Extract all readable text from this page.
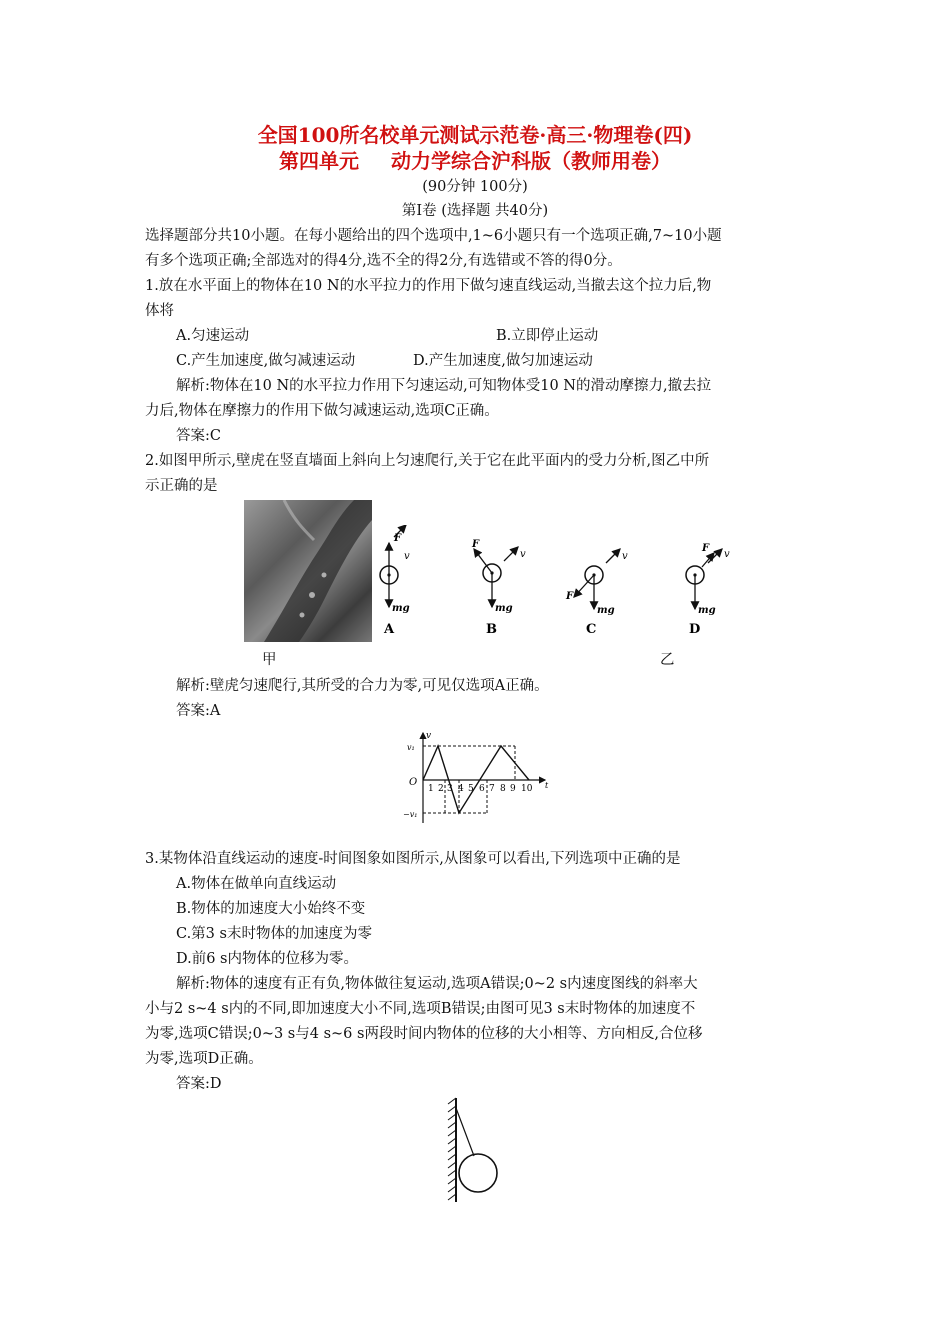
全国100所名校单元测试示范卷·高三·物理卷(四)
第四单元 动力学综合沪科版（教师用卷）
(90分钟 100分)
第Ⅰ卷 (选择题 共40分)
选择题部分共10小题。在每小题给出的四个选项中,1~6小题只有一个选项正确,7~10小题
有多个选项正确;全部选对的得4分,选不全的得2分,有选错或不答的得0分。
1.放在水平面上的物体在10 N的水平拉力的作用下做匀速直线运动,当撤去这个拉力后,物
体将
A.匀速运动	B.立即停止运动
C.产生加速度,做匀减速运动	D.产生加速度,做匀加速运动
解析:物体在10 N的水平拉力作用下匀速运动,可知物体受10 N的滑动摩擦力,撤去拉
力后,物体在摩擦力的作用下做匀减速运动,选项C正确。
答案:C
2.如图甲所示,壁虎在竖直墙面上斜向上匀速爬行,关于它在此平面内的受力分析,图乙中所
示正确的是
F
v
mg
A
F
v
mg
B
F
v
mg
C
F
v
mg
D
甲	乙
解析:壁虎匀速爬行,其所受的合力为零,可见仅选项A正确。
答案:A
v
v₁
−v₁
O	t
1 2 3 4 5 6 7 8 9 10
3.某物体沿直线运动的速度-时间图象如图所示,从图象可以看出,下列选项中正确的是
A.物体在做单向直线运动
B.物体的加速度大小始终不变
C.第3 s末时物体的加速度为零
D.前6 s内物体的位移为零。
解析:物体的速度有正有负,物体做往复运动,选项A错误;0~2 s内速度图线的斜率大
小与2 s~4 s内的不同,即加速度大小不同,选项B错误;由图可见3 s末时物体的加速度不
为零,选项C错误;0~3 s与4 s~6 s两段时间内物体的位移的大小相等、方向相反,合位移
为零,选项D正确。
答案:D
